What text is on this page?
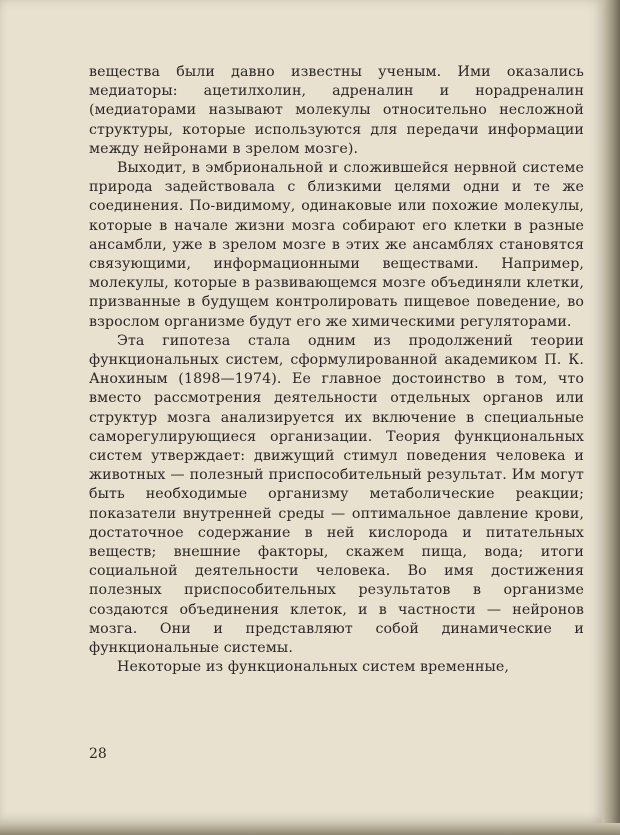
вещества были давно известны ученым. Ими оказались медиаторы: ацетилхолин, адреналин и норадреналин (медиаторами называют молекулы относительно несложной структуры, которые используются для передачи информации между нейронами в зрелом мозге).

Выходит, в эмбриональной и сложившейся нервной системе природа задействовала с близкими целями одни и те же соединения. По-видимому, одинаковые или похожие молекулы, которые в начале жизни мозга собирают его клетки в разные ансамбли, уже в зрелом мозге в этих же ансамблях становятся связующими, информационными веществами. Например, молекулы, которые в развивающемся мозге объединяли клетки, призванные в будущем контролировать пищевое поведение, во взрослом организме будут его же химическими регуляторами.

Эта гипотеза стала одним из продолжений теории функциональных систем, сформулированной академиком П. К. Анохиным (1898—1974). Ее главное достоинство в том, что вместо рассмотрения деятельности отдельных органов или структур мозга анализируется их включение в специальные саморегулирующиеся организации. Теория функциональных систем утверждает: движущий стимул поведения человека и животных — полезный приспособительный результат. Им могут быть необходимые организму метаболические реакции; показатели внутренней среды — оптимальное давление крови, достаточное содержание в ней кислорода и питательных веществ; внешние факторы, скажем пища, вода; итоги социальной деятельности человека. Во имя достижения полезных приспособительных результатов в организме создаются объединения клеток, и в частности — нейронов мозга. Они и представляют собой динамические и функциональные системы.

Некоторые из функциональных систем временные,

28
